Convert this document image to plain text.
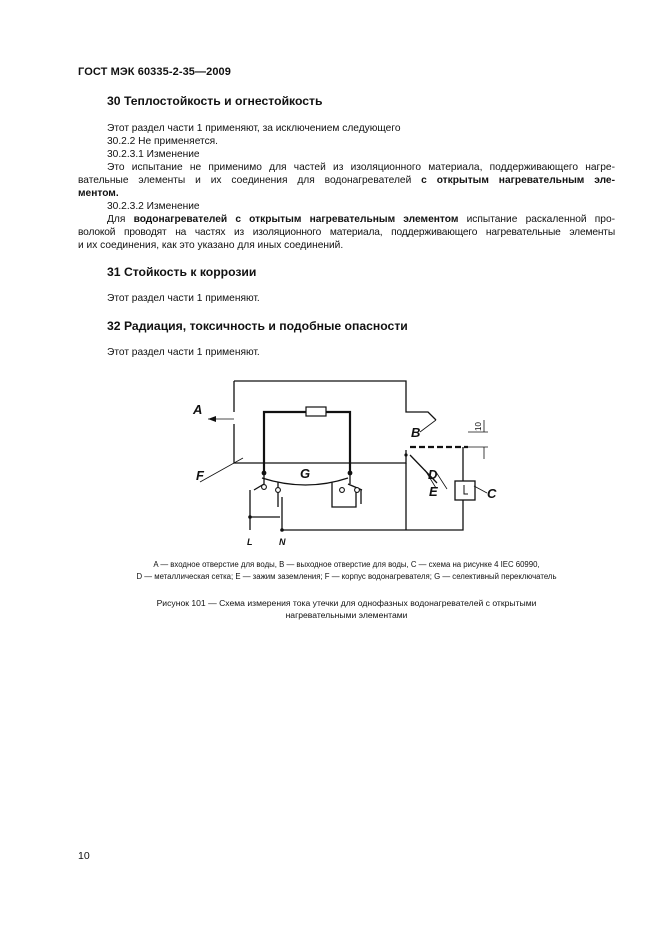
ГОСТ МЭК 60335-2-35—2009
30 Теплостойкость и огнестойкость
Этот раздел части 1 применяют, за исключением следующего
30.2.2 Не применяется.
30.2.3.1 Изменение
Это испытание не применимо для частей из изоляционного материала, поддерживающего нагре-
вательные элементы и их соединения для водонагревателей с открытым нагревательным эле-
ментом.
30.2.3.2 Изменение
Для водонагревателей с открытым нагревательным элементом испытание раскаленной про-
волокой проводят на частях из изоляционного материала, поддерживающего нагревательные элементы
и их соединения, как это указано для иных соединений.
31 Стойкость к коррозии
Этот раздел части 1 применяют.
32 Радиация, токсичность и подобные опасности
Этот раздел части 1 применяют.
A
B
C
D
E
F	G
L	N
10
A — входное отверстие для воды, B — выходное отверстие для воды, C — схема на рисунке 4 IEC 60990,
D — металлическая сетка; E — зажим заземления; F — корпус водонагревателя; G — селективный переключатель
Рисунок 101 — Схема измерения тока утечки для однофазных водонагревателей с открытыми
нагревательными элементами
10
